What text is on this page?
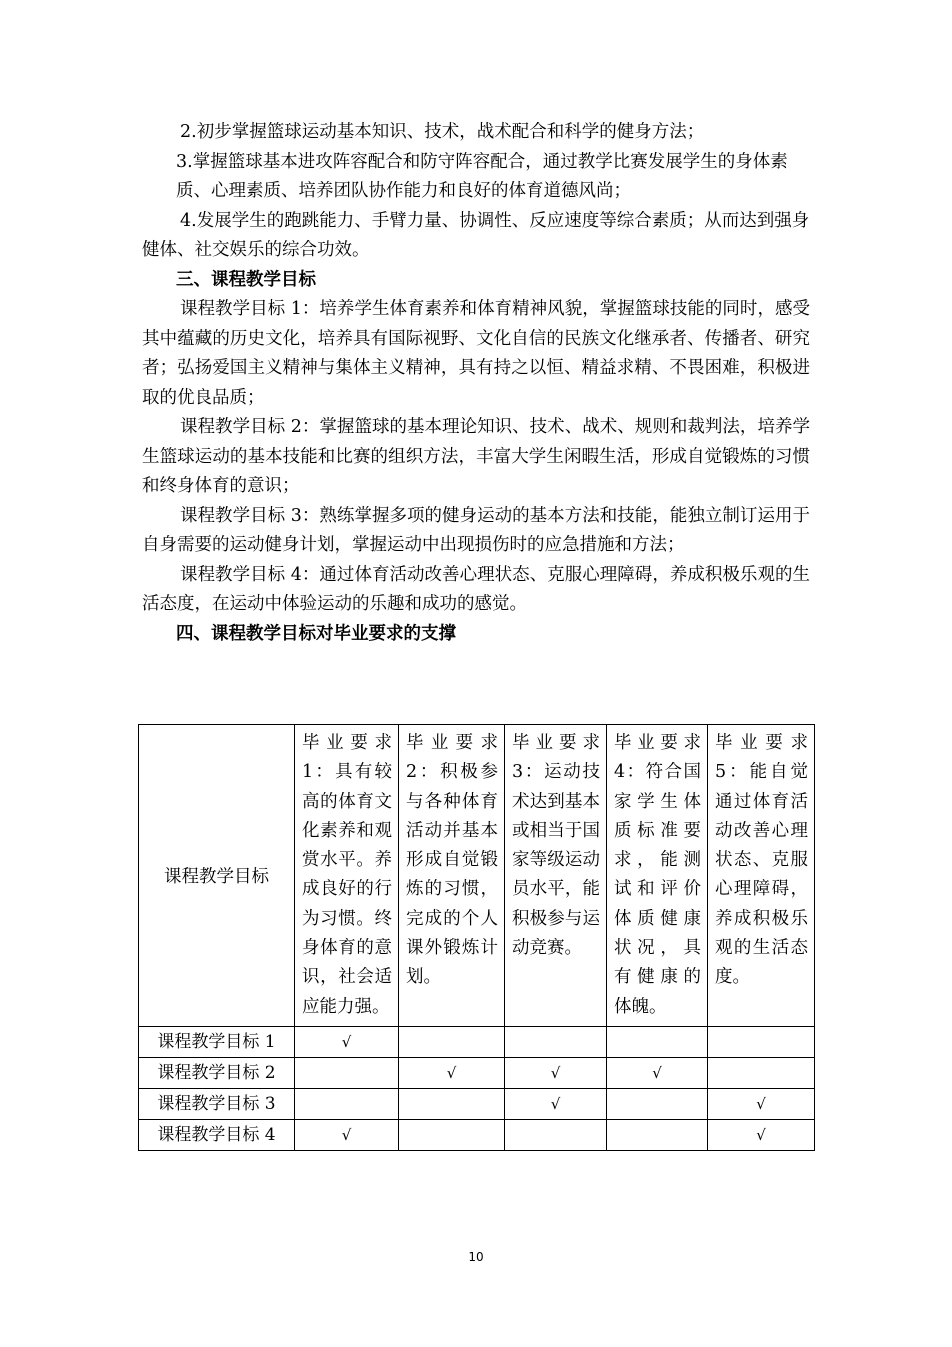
2.初步掌握篮球运动基本知识、技术，战术配合和科学的健身方法；

3.掌握篮球基本进攻阵容配合和防守阵容配合，通过教学比赛发展学生的身体素质、心理素质、培养团队协作能力和良好的体育道德风尚；

4.发展学生的跑跳能力、手臂力量、协调性、反应速度等综合素质；从而达到强身健体、社交娱乐的综合功效。

三、课程教学目标

课程教学目标 1：培养学生体育素养和体育精神风貌，掌握篮球技能的同时，感受其中蕴藏的历史文化，培养具有国际视野、文化自信的民族文化继承者、传播者、研究者；弘扬爱国主义精神与集体主义精神，具有持之以恒、精益求精、不畏困难，积极进取的优良品质；

课程教学目标 2：掌握篮球的基本理论知识、技术、战术、规则和裁判法，培养学生篮球运动的基本技能和比赛的组织方法，丰富大学生闲暇生活，形成自觉锻炼的习惯和终身体育的意识；

课程教学目标 3：熟练掌握多项的健身运动的基本方法和技能，能独立制订运用于自身需要的运动健身计划，掌握运动中出现损伤时的应急措施和方法；

课程教学目标 4：通过体育活动改善心理状态、克服心理障碍，养成积极乐观的生活态度，在运动中体验运动的乐趣和成功的感觉。

四、课程教学目标对毕业要求的支撑

课程教学目标	毕业要求 1：具有较高的体育文化素养和观赏水平。养成良好的行为习惯。终身体育的意识，社会适应能力强。	毕业要求 2：积极参与各种体育活动并基本形成自觉锻炼的习惯，完成的个人课外锻炼计划。	毕业要求 3：运动技术达到基本或相当于国家等级运动员水平，能积极参与运动竞赛。	毕业要求 4：符合国家学生体质标准要求，能测试和评价体质健康状况，具有健康的体魄。	毕业要求 5：能自觉通过体育活动改善心理状态、克服心理障碍，养成积极乐观的生活态度。
课程教学目标 1	√				
课程教学目标 2		√	√	√	
课程教学目标 3			√		√
课程教学目标 4	√				√
10
